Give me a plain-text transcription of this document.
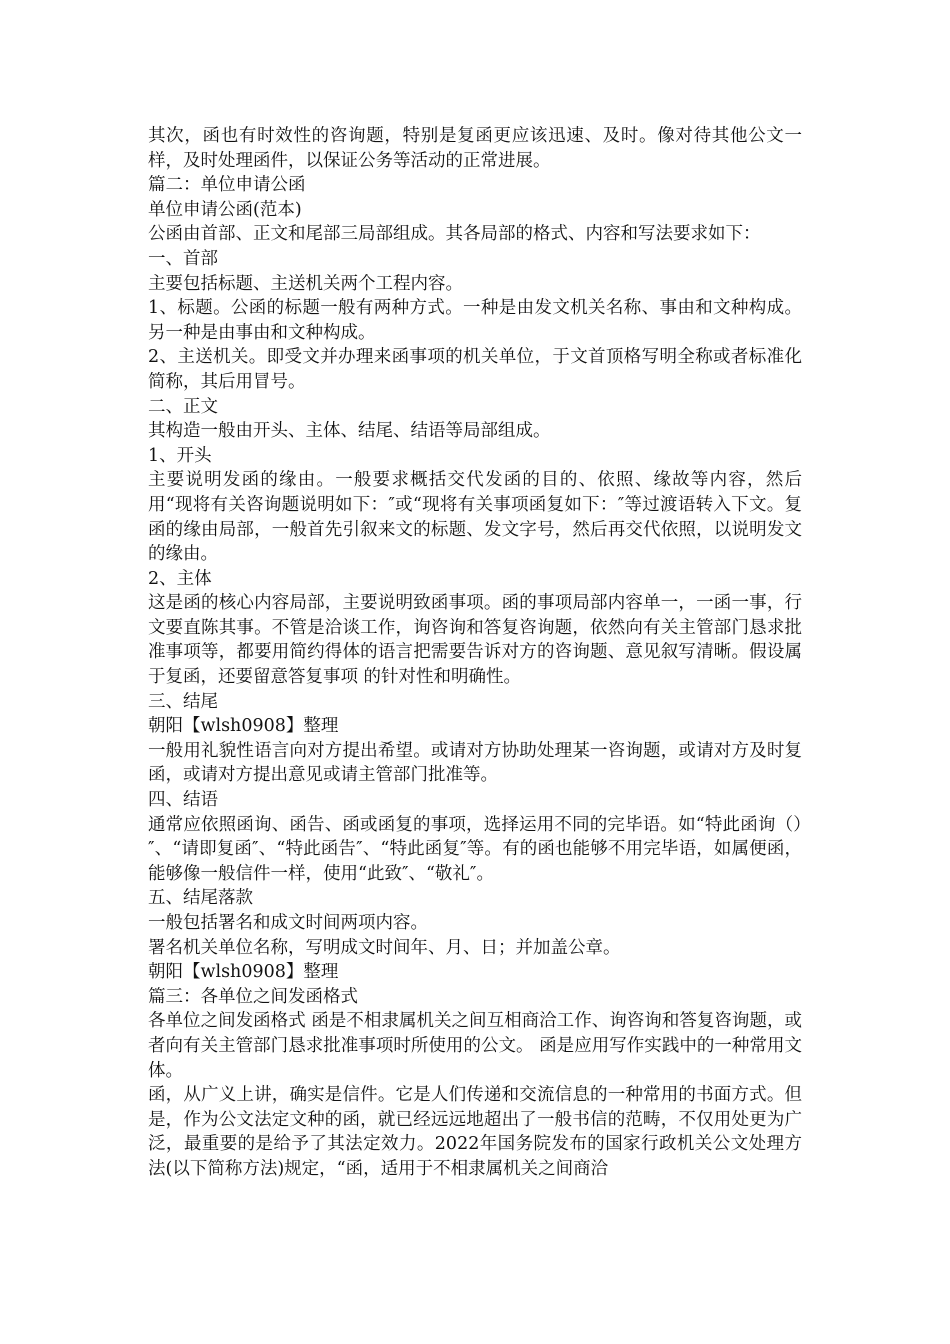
其次，函也有时效性的咨询题，特别是复函更应该迅速、及时。像对待其他公文一样，及时处理函件，以保证公务等活动的正常进展。

篇二：单位申请公函

单位申请公函(范本)

公函由首部、正文和尾部三局部组成。其各局部的格式、内容和写法要求如下：

一、首部

主要包括标题、主送机关两个工程内容。

1、标题。公函的标题一般有两种方式。一种是由发文机关名称、事由和文种构成。另一种是由事由和文种构成。

2、主送机关。即受文并办理来函事项的机关单位，于文首顶格写明全称或者标准化简称，其后用冒号。

二、正文

其构造一般由开头、主体、结尾、结语等局部组成。

1、开头

主要说明发函的缘由。一般要求概括交代发函的目的、依照、缘故等内容，然后用“现将有关咨询题说明如下：″或“现将有关事项函复如下：″等过渡语转入下文。复函的缘由局部，一般首先引叙来文的标题、发文字号，然后再交代依照，以说明发文的缘由。

2、主体

这是函的核心内容局部，主要说明致函事项。函的事项局部内容单一，一函一事，行文要直陈其事。不管是洽谈工作，询咨询和答复咨询题，依然向有关主管部门恳求批准事项等，都要用简约得体的语言把需要告诉对方的咨询题、意见叙写清晰。假设属于复函，还要留意答复事项 的针对性和明确性。

三、结尾

朝阳【wlsh0908】整理

一般用礼貌性语言向对方提出希望。或请对方协助处理某一咨询题，或请对方及时复函，或请对方提出意见或请主管部门批准等。

四、结语

通常应依照函询、函告、函或函复的事项，选择运用不同的完毕语。如“特此函询（）″、“请即复函″、“特此函告″、“特此函复″等。有的函也能够不用完毕语，如属便函，能够像一般信件一样，使用“此致″、“敬礼″。

五、结尾落款

一般包括署名和成文时间两项内容。

署名机关单位名称，写明成文时间年、月、日；并加盖公章。

朝阳【wlsh0908】整理

篇三：各单位之间发函格式

各单位之间发函格式 函是不相隶属机关之间互相商洽工作、询咨询和答复咨询题，或者向有关主管部门恳求批准事项时所使用的公文。 函是应用写作实践中的一种常用文体。

函，从广义上讲，确实是信件。它是人们传递和交流信息的一种常用的书面方式。但是，作为公文法定文种的函，就已经远远地超出了一般书信的范畴，不仅用处更为广泛，最重要的是给予了其法定效力。2022年国务院发布的国家行政机关公文处理方法(以下简称方法)规定，“函，适用于不相隶属机关之间商洽
